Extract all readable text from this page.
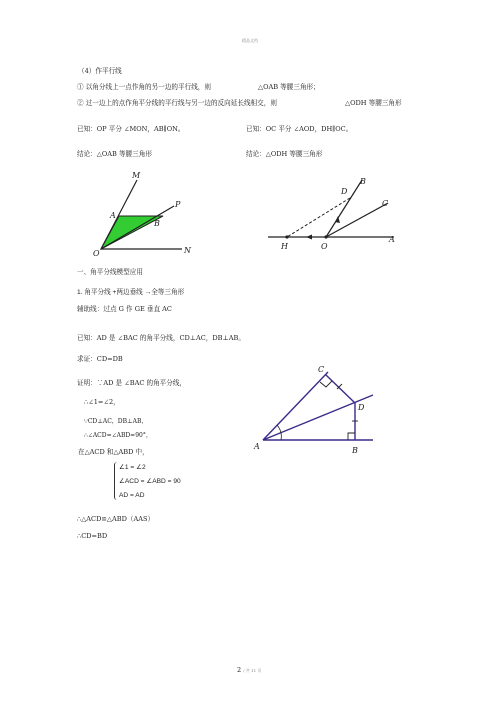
精品文档
（4）作平行线
① 以角分线上一点作角的另一边的平行线，则	△OAB 等腰三角形；
② 过一边上的点作角平分线的平行线与另一边的反向延长线相交，则	△ODH 等腰三角形
已知：OP 平分 ∠MON，AB∥ON。	已知：OC 平分 ∠AOD，DH∥OC。
结论：△OAB 等腰三角形	结论：△ODH 等腰三角形
M
P
A
B
O	N
D
B
C
H	O
A
C
D
A	B
一、角平分线模型应用
1. 角平分线 +两边垂线 →全等三角形
辅助线：过点 G 作 GE 垂直 AC
已知：AD 是 ∠BAC 的角平分线，CD⊥AC，DB⊥AB。
求证：CD=DB
证明：∵AD 是 ∠BAC 的角平分线，
∴∠1=∠2，
∵CD⊥AC，DB⊥AB，
∴∠ACD=∠ABD=90°，
在△ACD 和△ABD 中，
∠1 = ∠2
∠ACD = ∠ABD = 90
AD = AD
∴△ACD≌△ABD（AAS）
∴CD=BD
2 / 共 11 页
